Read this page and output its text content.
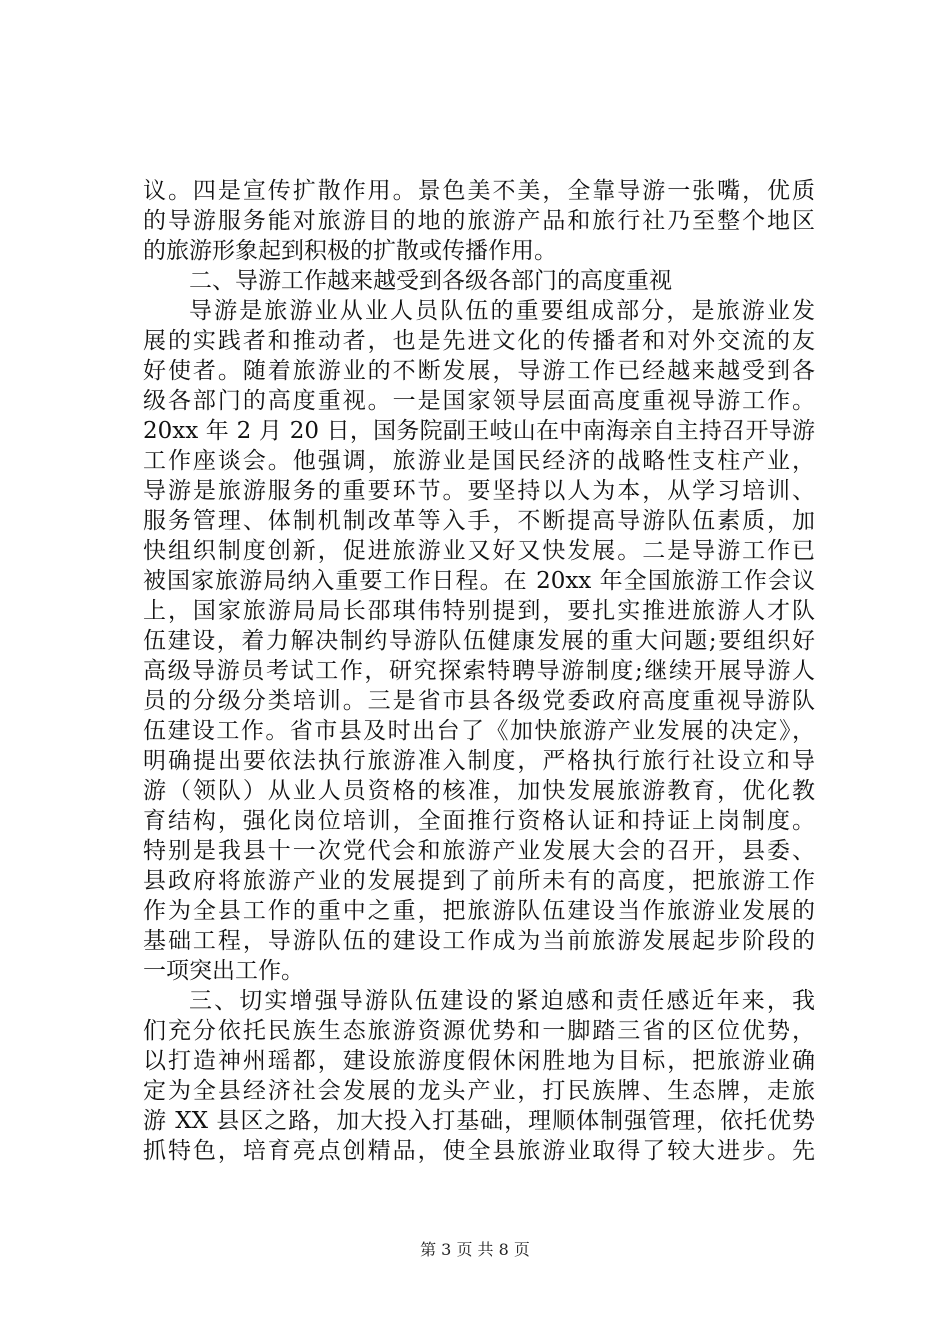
议。四是宣传扩散作用。景色美不美，全靠导游一张嘴，优质
的导游服务能对旅游目的地的旅游产品和旅行社乃至整个地区
的旅游形象起到积极的扩散或传播作用。
二、导游工作越来越受到各级各部门的高度重视
导游是旅游业从业人员队伍的重要组成部分，是旅游业发
展的实践者和推动者，也是先进文化的传播者和对外交流的友
好使者。随着旅游业的不断发展，导游工作已经越来越受到各
级各部门的高度重视。一是国家领导层面高度重视导游工作。
20xx 年 2 月 20 日，国务院副王岐山在中南海亲自主持召开导游
工作座谈会。他强调，旅游业是国民经济的战略性支柱产业，
导游是旅游服务的重要环节。要坚持以人为本，从学习培训、
服务管理、体制机制改革等入手，不断提高导游队伍素质，加
快组织制度创新，促进旅游业又好又快发展。二是导游工作已
被国家旅游局纳入重要工作日程。在 20xx 年全国旅游工作会议
上，国家旅游局局长邵琪伟特别提到，要扎实推进旅游人才队
伍建设，着力解决制约导游队伍健康发展的重大问题;要组织好
高级导游员考试工作，研究探索特聘导游制度;继续开展导游人
员的分级分类培训。三是省市县各级党委政府高度重视导游队
伍建设工作。省市县及时出台了《加快旅游产业发展的决定》，
明确提出要依法执行旅游准入制度，严格执行旅行社设立和导
游（领队）从业人员资格的核准，加快发展旅游教育，优化教
育结构，强化岗位培训，全面推行资格认证和持证上岗制度。
特别是我县十一次党代会和旅游产业发展大会的召开，县委、
县政府将旅游产业的发展提到了前所未有的高度，把旅游工作
作为全县工作的重中之重，把旅游队伍建设当作旅游业发展的
基础工程，导游队伍的建设工作成为当前旅游发展起步阶段的
一项突出工作。
三、切实增强导游队伍建设的紧迫感和责任感近年来，我
们充分依托民族生态旅游资源优势和一脚踏三省的区位优势，
以打造神州瑶都，建设旅游度假休闲胜地为目标，把旅游业确
定为全县经济社会发展的龙头产业，打民族牌、生态牌，走旅
游 XX 县区之路，加大投入打基础，理顺体制强管理，依托优势
抓特色，培育亮点创精品，使全县旅游业取得了较大进步。先
第 3 页 共 8 页
